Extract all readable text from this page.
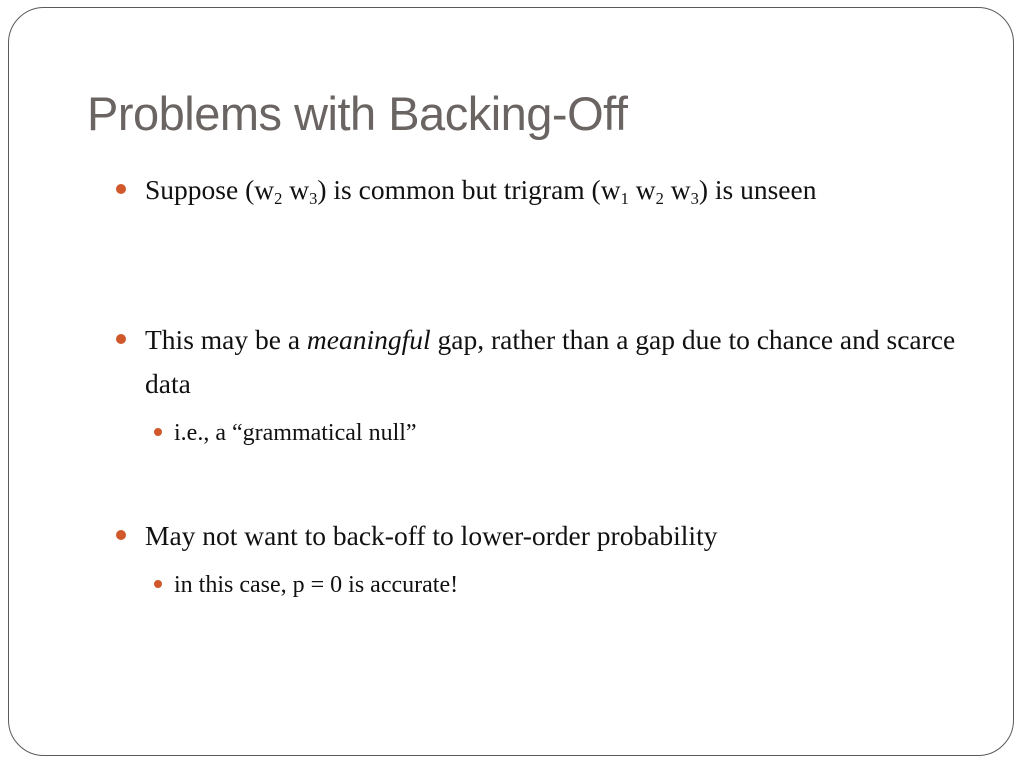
Problems with Backing-Off
Suppose ($w_2$ $w_3$) is common but trigram ($w_1$ $w_2$ $w_3$) is unseen
This may be a meaningful gap, rather than a gap due to chance and scarce data
i.e., a “grammatical null”
May not want to back-off to lower-order probability
in this case, p = 0 is accurate!
